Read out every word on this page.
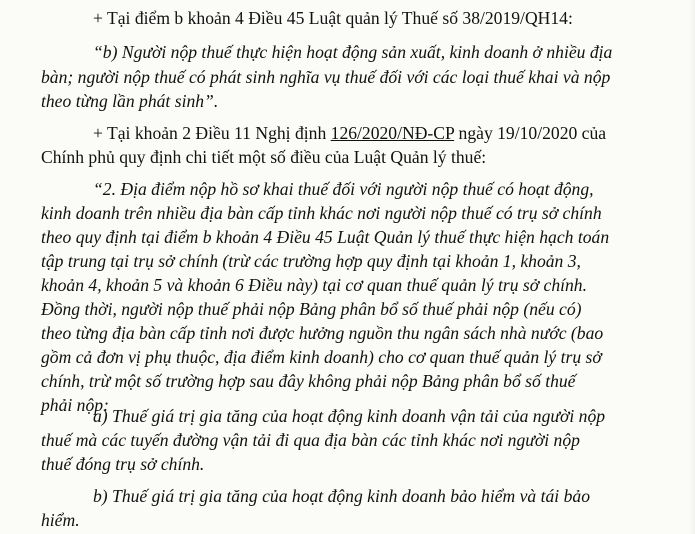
+ Tại điểm b khoản 4 Điều 45 Luật quản lý Thuế số 38/2019/QH14:
“b) Người nộp thuế thực hiện hoạt động sản xuất, kinh doanh ở nhiều địa
bàn; người nộp thuế có phát sinh nghĩa vụ thuế đối với các loại thuế khai và nộp
theo từng lần phát sinh”.
+ Tại khoản 2 Điều 11 Nghị định 126/2020/NĐ-CP ngày 19/10/2020 của
Chính phủ quy định chi tiết một số điều của Luật Quản lý thuế:
“2. Địa điểm nộp hồ sơ khai thuế đối với người nộp thuế có hoạt động,
kinh doanh trên nhiều địa bàn cấp tỉnh khác nơi người nộp thuế có trụ sở chính
theo quy định tại điểm b khoản 4 Điều 45 Luật Quản lý thuế thực hiện hạch toán
tập trung tại trụ sở chính (trừ các trường hợp quy định tại khoản 1, khoản 3,
khoản 4, khoản 5 và khoản 6 Điều này) tại cơ quan thuế quản lý trụ sở chính.
Đồng thời, người nộp thuế phải nộp Bảng phân bổ số thuế phải nộp (nếu có)
theo từng địa bàn cấp tỉnh nơi được hưởng nguồn thu ngân sách nhà nước (bao
gồm cả đơn vị phụ thuộc, địa điểm kinh doanh) cho cơ quan thuế quản lý trụ sở
chính, trừ một số trường hợp sau đây không phải nộp Bảng phân bổ số thuế
phải nộp:
a) Thuế giá trị gia tăng của hoạt động kinh doanh vận tải của người nộp
thuế mà các tuyến đường vận tải đi qua địa bàn các tỉnh khác nơi người nộp
thuế đóng trụ sở chính.
b) Thuế giá trị gia tăng của hoạt động kinh doanh bảo hiểm và tái bảo
hiểm.
